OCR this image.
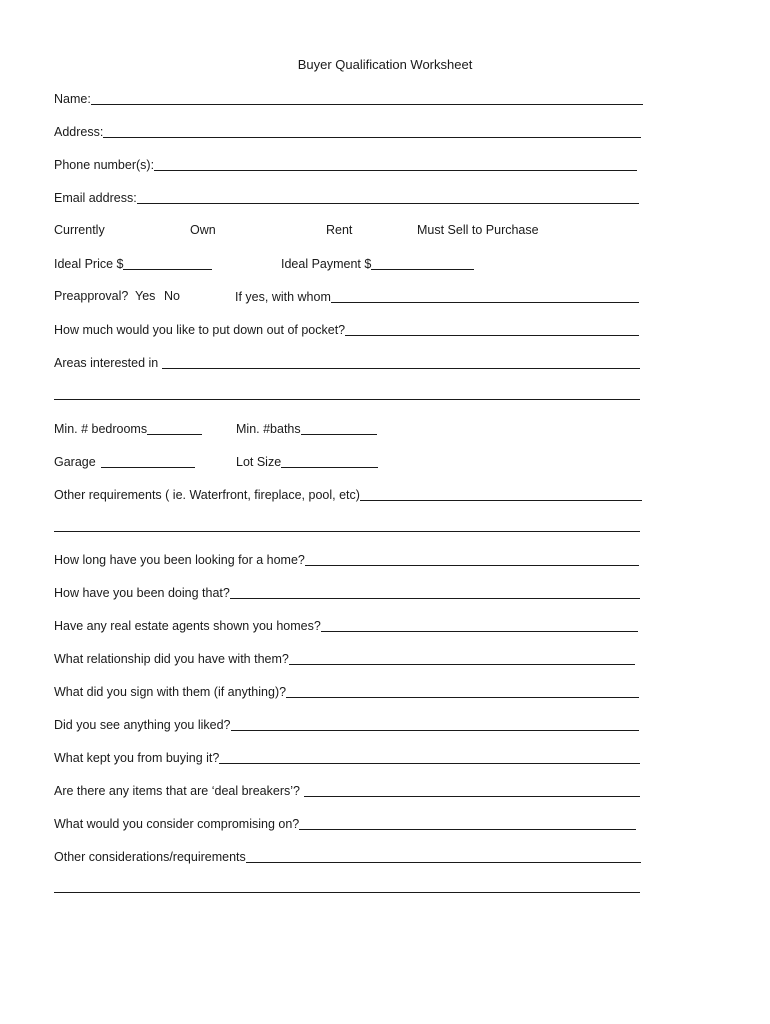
Buyer Qualification Worksheet
Name:
Address:
Phone number(s):
Email address:
Currently	Own	Rent	Must Sell to Purchase
Ideal Price $	Ideal Payment $
Preapproval? Yes No	If yes, with whom
How much would you like to put down out of pocket?
Areas interested in
Min. # bedrooms	Min. #baths
Garage	Lot Size
Other requirements ( ie. Waterfront, fireplace, pool, etc)
How long have you been looking for a home?
How have you been doing that?
Have any real estate agents shown you homes?
What relationship did you have with them?
What did you sign with them (if anything)?
Did you see anything you liked?
What kept you from buying it?
Are there any items that are ‘deal breakers’?
What would you consider compromising on?
Other considerations/requirements
